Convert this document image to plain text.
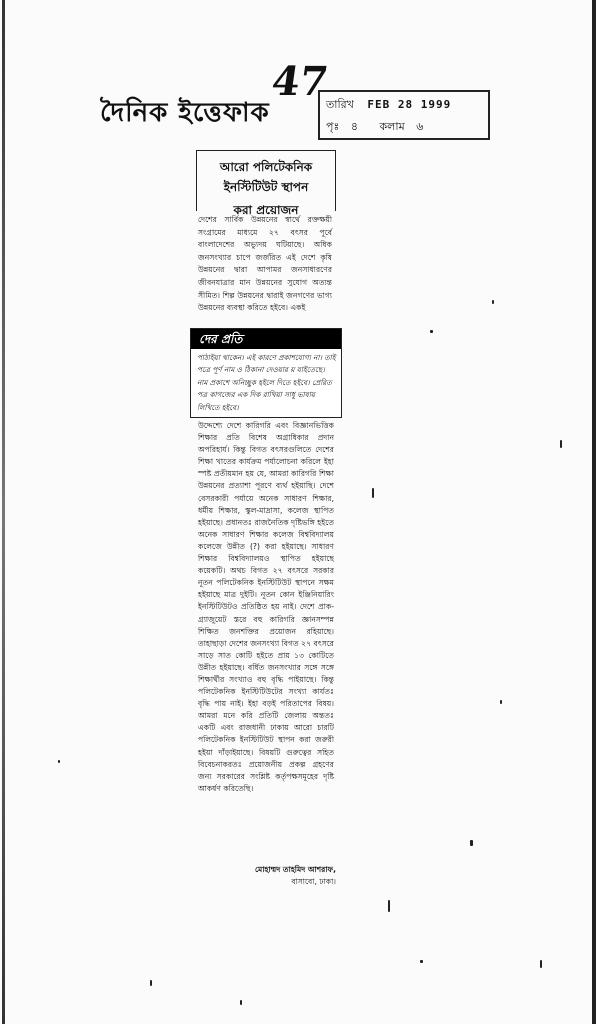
দৈনিক ইত্তেফাক
47
তারিখ FEB 28 1999
পৃঃ ৪ কলাম ৬
আরো পলিটেকনিক
ইনস্টিটিউট স্থাপন
করা প্রয়োজন
দেশের সার্বিক উন্নয়নের স্বার্থে রক্তক্ষয়ী সংগ্রামের মাধ্যমে ২৭ বৎসর পূর্বে বাংলাদেশের অভ্যুদয় ঘটিয়াছে। অধিক জনসংখ্যার চাপে জর্জরিত এই দেশে কৃষি উন্নয়নের দ্বারা আপামর জনসাধারণের জীবনযাত্রার মান উন্নয়নের সুযোগ অত্যন্ত সীমিত। শিল্প উন্নয়নের দ্বারাই জনগণের ভাগ্য উন্নয়নের ব্যবস্থা করিতে হইবে। একই
দের প্রতি
পাঠাইয়া থাকেন। এই কারণে প্রকাশযোগ্য না। তাই পত্রে পূর্ণ নাম ও ঠিকানা দেওয়ার য় যাইতেছে। নাম প্রকাশে অনিচ্ছুক হইলে দিতে হইবে। প্রেরিত পত্র কাগজের এক দিক রাখিয়া সাধু ভাষায় লিখিতে হইবে।
উদ্দেশ্যে দেশে কারিগরি এবং বিজ্ঞানভিত্তিক শিক্ষার প্রতি বিশেষ অগ্রাধিকার প্রদান অপরিহার্য। কিন্তু বিগত বৎসরগুলিতে দেশের শিক্ষা খাতের কার্যক্রম পর্যালোচনা করিলে ইহা স্পষ্ট প্রতীয়মান হয় যে, আমরা কারিগরি শিক্ষা উন্নয়নের প্রত্যাশা পূরণে ব্যর্থ হইয়াছি। দেশে বেসরকারী পর্যায়ে অনেক সাধারণ শিক্ষার, ধর্মীয় শিক্ষার, স্কুল-মাদ্রাসা, কলেজ স্থাপিত হইয়াছে। প্রধানতঃ রাজনৈতিক দৃষ্টিভঙ্গি হইতে অনেক সাধারণ শিক্ষার কলেজ বিশ্ববিদ্যালয় কলেজে উন্নীত (?) করা হইয়াছে। সাধারণ শিক্ষার বিশ্ববিদ্যালয়ও স্থাপিত হইয়াছে কয়েকটি। অথচ বিগত ২৭ বৎসরে সরকার নূতন পলিটেকনিক ইনস্টিটিউট স্থাপনে সক্ষম হইয়াছে মাত্র দুইটি। নূতন কোন ইঞ্জিনিয়ারিং ইনস্টিটিউটও প্রতিষ্ঠিত হয় নাই। দেশে প্রাক-গ্র্যাজুয়েট স্তরে বহু কারিগরি জ্ঞানসম্পন্ন শিক্ষিত জনশক্তির প্রয়োজন রহিয়াছে। তাহাছাড়া দেশের জনসংখ্যা বিগত ২৭ বৎসরে সাড়ে সাত কোটি হইতে প্রায় ১৩ কোটিতে উন্নীত হইয়াছে। বর্ধিত জনসংখ্যার সঙ্গে সঙ্গে শিক্ষার্থীর সংখ্যাও বহু বৃদ্ধি পাইয়াছে। কিন্তু পলিটেকনিক ইনস্টিটিউটের সংখ্যা কার্যতঃ বৃদ্ধি পায় নাই। ইহা বড়ই পরিতাপের বিষয়। আমরা মনে করি প্রতিটি জেলায় অন্ততঃ একটি এবং রাজধানী ঢাকায় আরো চারটি পলিটেকনিক ইনস্টিটিউট স্থাপন করা জরুরী হইয়া দাঁড়াইয়াছে। বিষয়টি গুরুত্বের সহিত বিবেচনাকরতঃ প্রয়োজনীয় প্রকল্প গ্রহণের জন্য সরকারের সংশ্লিষ্ট কর্তৃপক্ষসমূহের দৃষ্টি আকর্ষণ করিতেছি।
মোহাম্মদ তাহমিদ আশরাফ,
বাসাবো, ঢাকা।
